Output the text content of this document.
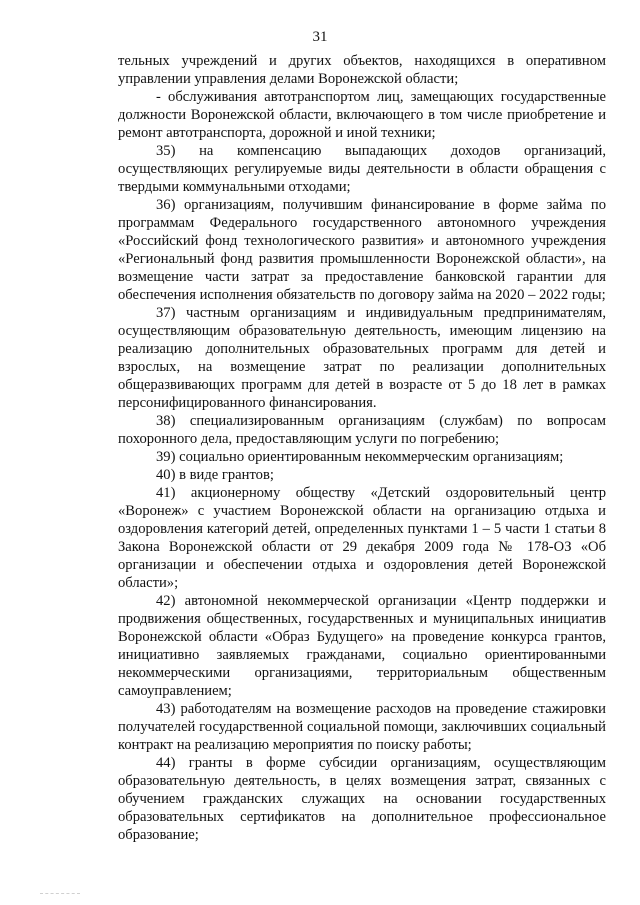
31

тельных учреждений и других объектов, находящихся в оперативном управлении управления делами Воронежской области;

- обслуживания автотранспортом лиц, замещающих государственные должности Воронежской области, включающего в том числе приобретение и ремонт автотранспорта, дорожной и иной техники;

35) на компенсацию выпадающих доходов организаций, осуществляющих регулируемые виды деятельности в области обращения с твердыми коммунальными отходами;

36) организациям, получившим финансирование в форме займа по программам Федерального государственного автономного учреждения «Российский фонд технологического развития» и автономного учреждения «Региональный фонд развития промышленности Воронежской области», на возмещение части затрат за предоставление банковской гарантии для обеспечения исполнения обязательств по договору займа на 2020 – 2022 годы;

37) частным организациям и индивидуальным предпринимателям, осуществляющим образовательную деятельность, имеющим лицензию на реализацию дополнительных образовательных программ для детей и взрослых, на возмещение затрат по реализации дополнительных общеразвивающих программ для детей в возрасте от 5 до 18 лет в рамках персонифицированного финансирования.

38) специализированным организациям (службам) по вопросам похоронного дела, предоставляющим услуги по погребению;

39) социально ориентированным некоммерческим организациям;

40) в виде грантов;

41) акционерному обществу «Детский оздоровительный центр «Воронеж» с участием Воронежской области на организацию отдыха и оздоровления категорий детей, определенных пунктами 1 – 5 части 1 статьи 8 Закона Воронежской области от 29 декабря 2009 года № 178-ОЗ «Об организации и обеспечении отдыха и оздоровления детей Воронежской области»;

42) автономной некоммерческой организации «Центр поддержки и продвижения общественных, государственных и муниципальных инициатив Воронежской области «Образ Будущего» на проведение конкурса грантов, инициативно заявляемых гражданами, социально ориентированными некоммерческими организациями, территориальным общественным самоуправлением;

43) работодателям на возмещение расходов на проведение стажировки получателей государственной социальной помощи, заключивших социальный контракт на реализацию мероприятия по поиску работы;

44) гранты в форме субсидии организациям, осуществляющим образовательную деятельность, в целях возмещения затрат, связанных с обучением гражданских служащих на основании государственных образовательных сертификатов на дополнительное профессиональное образование;
